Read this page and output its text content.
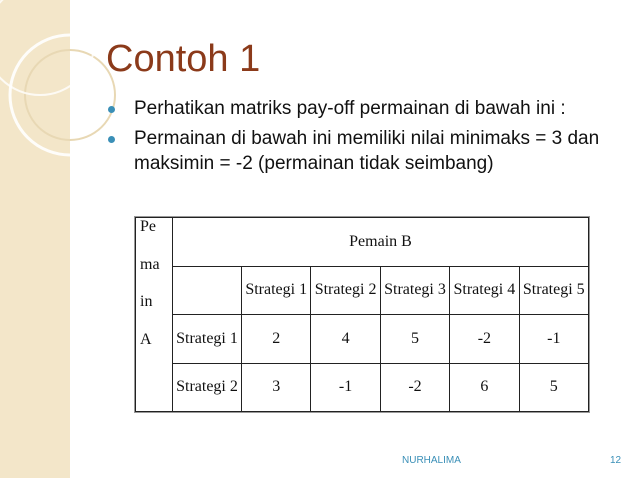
Contoh 1
Perhatikan matriks pay-off permainan di bawah ini :
Permainan di bawah ini memiliki nilai minimaks = 3 dan maksimin = -2 (permainan tidak seimbang)
Pe
ma
in
A	Pemain B					
		Strategi 1	Strategi 2	Strategi 3	Strategi 4	Strategi 5
	Strategi 1	2	4	5	-2	-1
	Strategi 2	3	-1	-2	6	5
NURHALIMA	12
